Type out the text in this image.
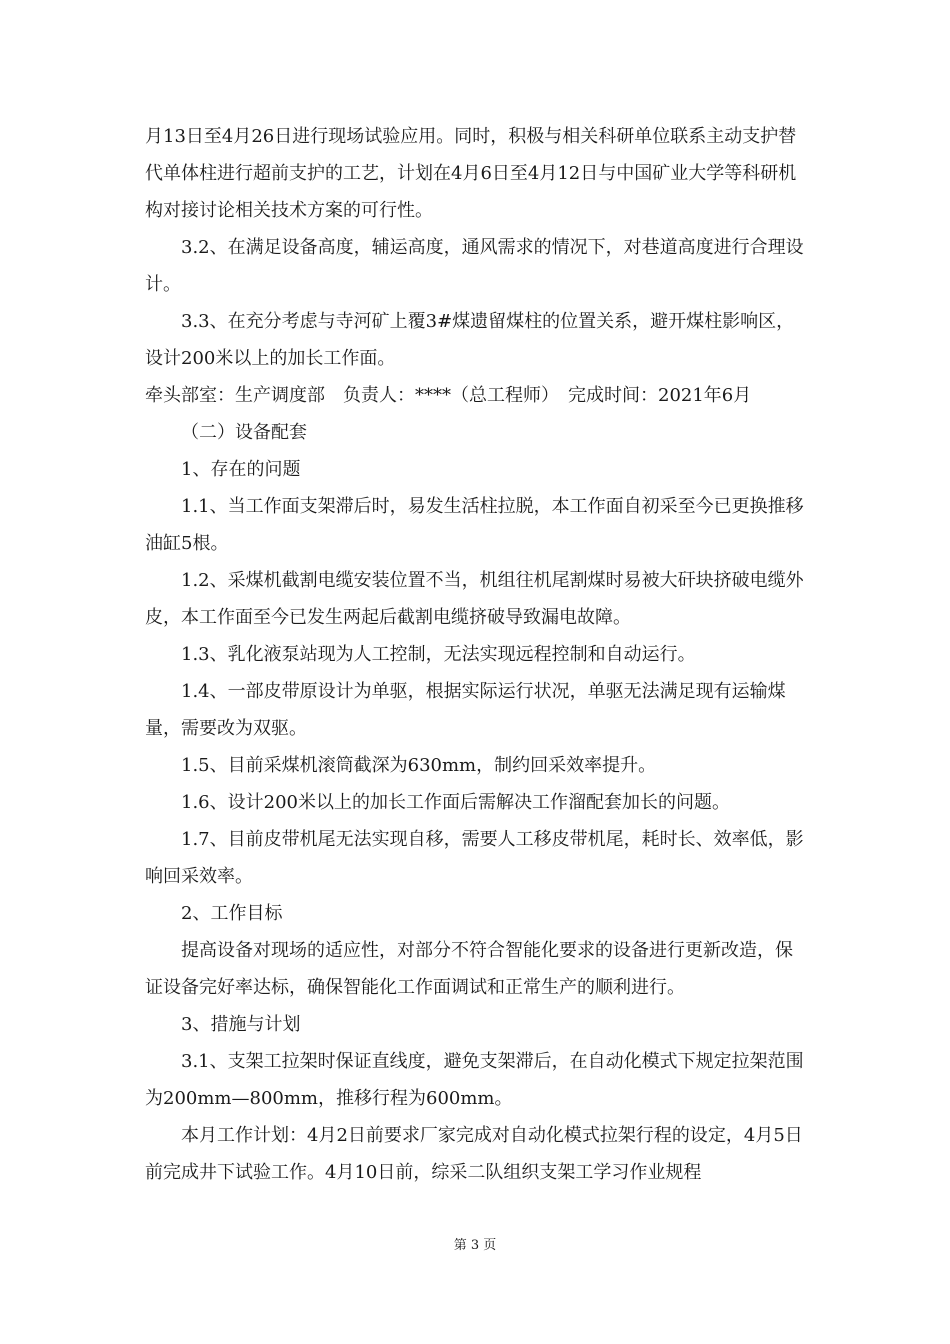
月13日至4月26日进行现场试验应用。同时，积极与相关科研单位联系主动支护替代单体柱进行超前支护的工艺，计划在4月6日至4月12日与中国矿业大学等科研机构对接讨论相关技术方案的可行性。

3.2、在满足设备高度，辅运高度，通风需求的情况下，对巷道高度进行合理设计。

3.3、在充分考虑与寺河矿上覆3#煤遗留煤柱的位置关系，避开煤柱影响区，设计200米以上的加长工作面。

牵头部室：生产调度部　负责人：****（总工程师）　完成时间：2021年6月

（二）设备配套

1、存在的问题

1.1、当工作面支架滞后时，易发生活柱拉脱，本工作面自初采至今已更换推移油缸5根。

1.2、采煤机截割电缆安装位置不当，机组往机尾割煤时易被大矸块挤破电缆外皮，本工作面至今已发生两起后截割电缆挤破导致漏电故障。

1.3、乳化液泵站现为人工控制，无法实现远程控制和自动运行。

1.4、一部皮带原设计为单驱，根据实际运行状况，单驱无法满足现有运输煤量，需要改为双驱。

1.5、目前采煤机滚筒截深为630mm，制约回采效率提升。

1.6、设计200米以上的加长工作面后需解决工作溜配套加长的问题。

1.7、目前皮带机尾无法实现自移，需要人工移皮带机尾，耗时长、效率低，影响回采效率。

2、工作目标

提高设备对现场的适应性，对部分不符合智能化要求的设备进行更新改造，保证设备完好率达标，确保智能化工作面调试和正常生产的顺利进行。

3、措施与计划

3.1、支架工拉架时保证直线度，避免支架滞后，在自动化模式下规定拉架范围为200mm—800mm，推移行程为600mm。

本月工作计划：4月2日前要求厂家完成对自动化模式拉架行程的设定，4月5日前完成井下试验工作。4月10日前，综采二队组织支架工学习作业规程

第 3 页
